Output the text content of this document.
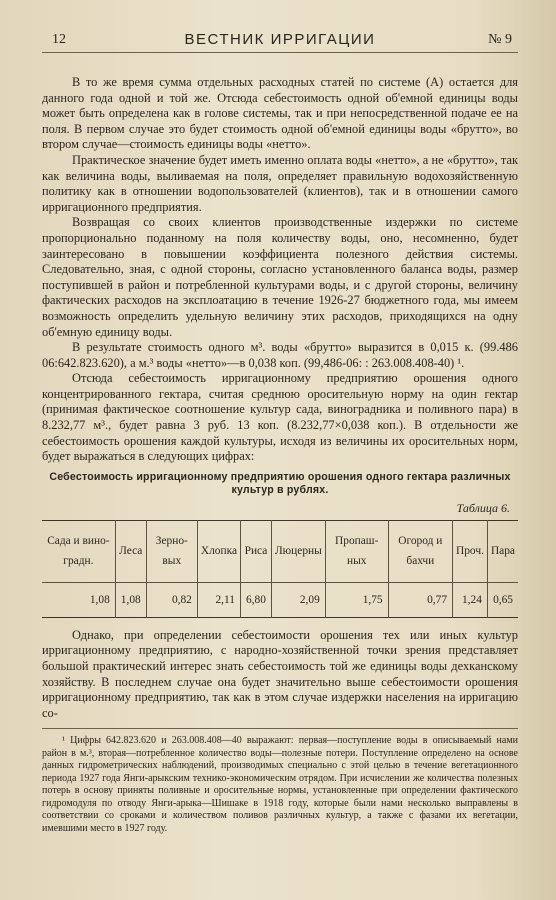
12	ВЕСТНИК ИРРИГАЦИИ	№ 9

В то же время сумма отдельных расходных статей по системе (А) остается для данного года одной и той же. Отсюда себестоимость одной об'емной единицы воды может быть определена как в голове системы, так и при непосредственной подаче ее на поля. В первом случае это будет стоимость одной об'емной единицы воды «брутто», во втором случае—стоимость единицы воды «нетто».

Практическое значение будет иметь именно оплата воды «нетто», а не «брутто», так как величина воды, выливаемая на поля, определяет правильную водохозяйственную политику как в отношении водопользователей (клиентов), так и в отношении самого ирригационного предприятия.

Возвращая со своих клиентов производственные издержки по системе пропорционально поданному на поля количеству воды, оно, несомненно, будет заинтересовано в повышении коэффициента полезного действия системы. Следовательно, зная, с одной стороны, согласно установленного баланса воды, размер поступившей в район и потребленной культурами воды, и с другой стороны, величину фактических расходов на эксплоатацию в течение 1926-27 бюджетного года, мы имеем возможность определить удельную величину этих расходов, приходящихся на одну об'емную единицу воды.

В результате стоимость одного м³. воды «брутто» выразится в 0,015 к. (99.486 06:642.823.620), а м.³ воды «нетто»—в 0,038 коп. (99,486-06: : 263.008.408-40) ¹.

Отсюда себестоимость ирригационному предприятию орошения одного концентрированного гектара, считая среднюю оросительную норму на один гектар (принимая фактическое соотношение культур сада, виноградника и поливного пара) в 8.232,77 м³., будет равна 3 руб. 13 коп. (8.232,77×0,038 коп.). В отдельности же себестоимость орошения каждой культуры, исходя из величины их оросительных норм, будет выражаться в следующих цифрах:

Себестоимость ирригационному предприятию орошения одного гектара различных
культур в рублях.
Таблица 6.
Сада и вино- градн.	Леса	Зерно- вых	Хлопка	Риса	Люцерны	Пропаш- ных	Огород и бахчи	Проч.	Пара
1,08	1,08	0,82	2,11	6,80	2,09	1,75	0,77	1,24	0,65

Однако, при определении себестоимости орошения тех или иных культур ирригационному предприятию, с народно-хозяйственной точки зрения представляет большой практический интерес знать себестоимость той же единицы воды дехканскому хозяйству. В последнем случае она будет значительно выше себестоимости орошения ирригационному предприятию, так как в этом случае издержки населения на ирригацию со-

¹ Цифры 642.823.620 и 263.008.408—40 выражают: первая—поступление воды в описываемый нами район в м.³, вторая—потребленное количество воды—полезные потери. Поступление определено на основе данных гидрометрических наблюдений, производимых специально с этой целью в течение вегетационного периода 1927 года Янги-арыкским технико-экономическим отрядом. При исчислении же количества полезных потерь в основу приняты поливные и оросительные нормы, установленные при определении фактического гидромодуля по отводу Янги-арыка—Шишаке в 1918 году, которые были нами несколько выправлены в соответствии со сроками и количеством поливов различных культур, а также с фазами их вегетации, имевшими место в 1927 году.
